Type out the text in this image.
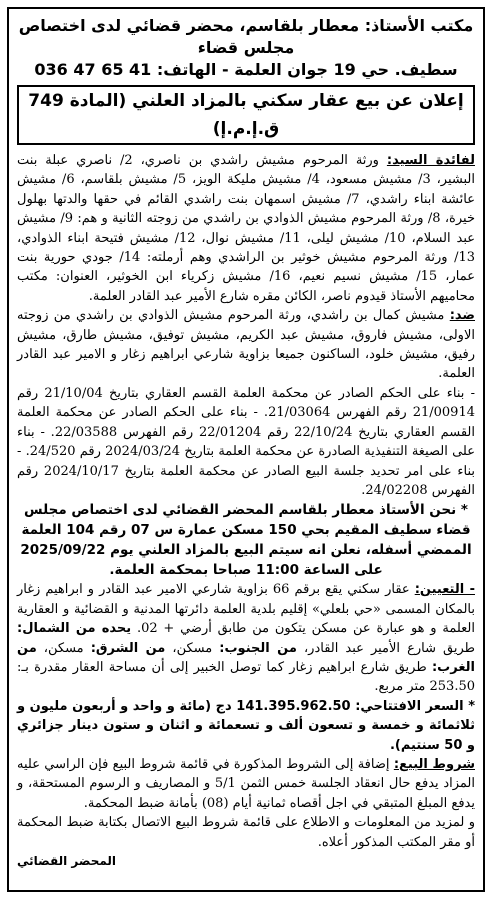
مكتب الأستاذ: معطار بلقاسم، محضر قضائي لدى اختصاص مجلس قضاء
سطيف. حي 19 جوان العلمة - الهاتف: 41 65 47 036
إعلان عن بيع عقار سكني بالمزاد العلني (المادة 749 ق.إ.م.إ)

لفائدة السيد: ورثة المرحوم مشيش راشدي بن ناصري، 2/ ناصري عبلة بنت البشير، 3/ مشيش مسعود، 4/ مشيش مليكة الويز، 5/ مشيش بلقاسم، 6/ مشيش عائشة ابناء راشدي، 7/ مشيش اسمهان بنت راشدي القائم في حقها والدتها بهلول خيرة، 8/ ورثة المرحوم مشيش الذوادي بن راشدي من زوجته الثانية و هم: 9/ مشيش عبد السلام، 10/ مشيش ليلى، 11/ مشيش نوال، 12/ مشيش فتيحة ابناء الذوادي، 13/ ورثة المرحوم مشيش خوثير بن الراشدي وهم أرملته: 14/ جودي حورية بنت عمار، 15/ مشيش نسيم نعيم، 16/ مشيش زكرياء ابن الخوثير، العنوان: مكتب محاميهم الأستاذ قيدوم ناصر، الكائن مقره شارع الأمير عبد القادر العلمة.

ضد: مشيش كمال بن راشدي، ورثة المرحوم مشيش الذوادي بن راشدي من زوجته الاولى، مشيش فاروق، مشيش عبد الكريم، مشيش توفيق، مشيش طارق، مشيش رفيق، مشيش خلود، الساكنون جميعا بزاوية شارعي ابراهيم زغار و الامير عبد القادر العلمة.

- بناء على الحكم الصادر عن محكمة العلمة القسم العقاري بتاريخ 21/10/04 رقم 21/00914 رقم الفهرس 21/03064. - بناء على الحكم الصادر عن محكمة العلمة القسم العقاري بتاريخ 22/10/24 رقم 22/01204 رقم الفهرس 22/03588. - بناء على الصيغة التنفيذية الصادرة عن محكمة العلمة بتاريخ 2024/03/24 رقم 24/520. - بناء على امر تحديد جلسة البيع الصادر عن محكمة العلمة بتاريخ 2024/10/17 رقم الفهرس 24/02208.

* نحن الأستاذ معطار بلقاسم المحضر القضائي لدى اختصاص مجلس قضاء سطيف المقيم بحي 150 مسكن عمارة س 07 رقم 104 العلمة الممضي أسفله، نعلن انه سيتم البيع بالمزاد العلني يوم 2025/09/22 على الساعة 11:00 صباحا بمحكمة العلمة.

- التعيين: عقار سكني يقع برقم 66 بزاوية شارعي الامير عبد القادر و ابراهيم زغار بالمكان المسمى «حي بلعلي» إقليم بلدية العلمة دائرتها المدنية و القضائية و العقارية العلمة و هو عبارة عن مسكن يتكون من طابق أرضي + 02. يحده من الشمال: طريق شارع الأمير عبد القادر، من الجنوب: مسكن، من الشرق: مسكن، من الغرب: طريق شارع ابراهيم زغار كما توصل الخبير إلى أن مساحة العقار مقدرة بـ: 253.50 متر مربع.

* السعر الافتتاحي: 141.395.962.50 دج (مائة و واحد و أربعون مليون و ثلاثمائة و خمسة و تسعون ألف و تسعمائة و اثنان و ستون دينار جزائري و 50 سنتيم).

شروط البيع: إضافة إلى الشروط المذكورة في قائمة شروط البيع فإن الراسي عليه المزاد يدفع حال انعقاد الجلسة خمس الثمن 5/1 و المصاريف و الرسوم المستحقة، و يدفع المبلغ المتبقي في اجل أقصاه ثمانية أيام (08) بأمانة ضبط المحكمة.

و لمزيد من المعلومات و الاطلاع على قائمة شروط البيع الاتصال بكتابة ضبط المحكمة أو مقر المكتب المذكور أعلاه.

المحضر القضائي
